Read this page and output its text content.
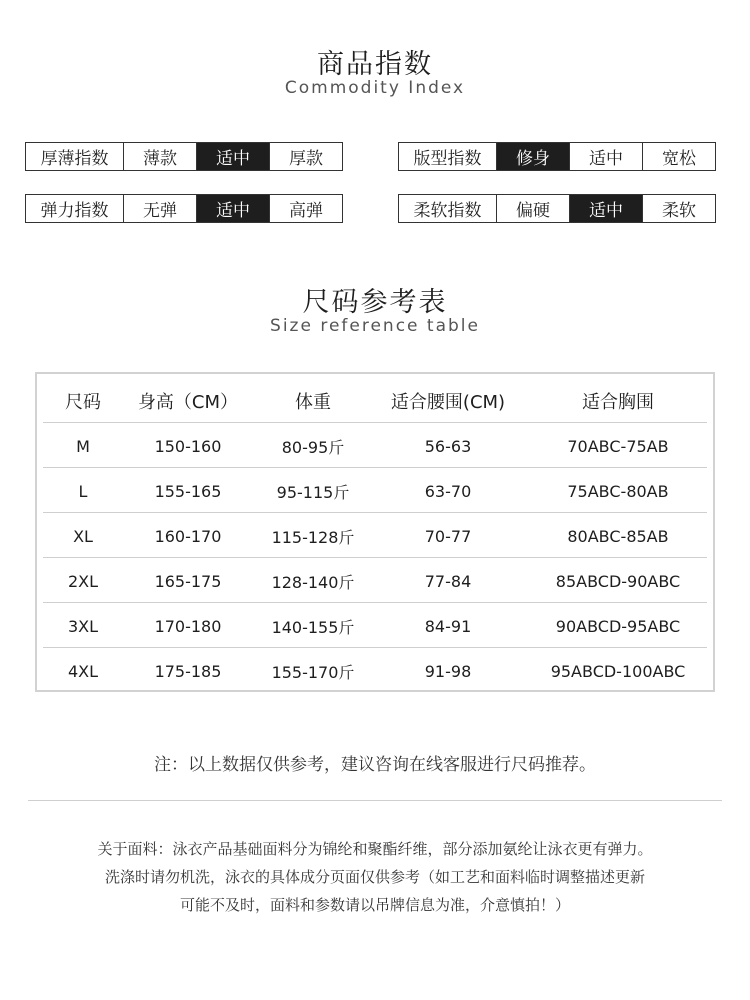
商品指数
Commodity Index
厚薄指数	薄款	适中	厚款	版型指数	修身	适中	宽松
弹力指数	无弹	适中	高弹	柔软指数	偏硬	适中	柔软
尺码参考表
Size reference table
尺码	身高（CM）	体重	适合腰围(CM)	适合胸围
M	150-160	80-95斤	56-63	70ABC-75AB
L	155-165	95-115斤	63-70	75ABC-80AB
XL	160-170	115-128斤	70-77	80ABC-85AB
2XL	165-175	128-140斤	77-84	85ABCD-90ABC
3XL	170-180	140-155斤	84-91	90ABCD-95ABC
4XL	175-185	155-170斤	91-98	95ABCD-100ABC
注：以上数据仅供参考，建议咨询在线客服进行尺码推荐。
关于面料：泳衣产品基础面料分为锦纶和聚酯纤维，部分添加氨纶让泳衣更有弹力。
洗涤时请勿机洗，泳衣的具体成分页面仅供参考（如工艺和面料临时调整描述更新
可能不及时，面料和参数请以吊牌信息为准，介意慎拍！）
